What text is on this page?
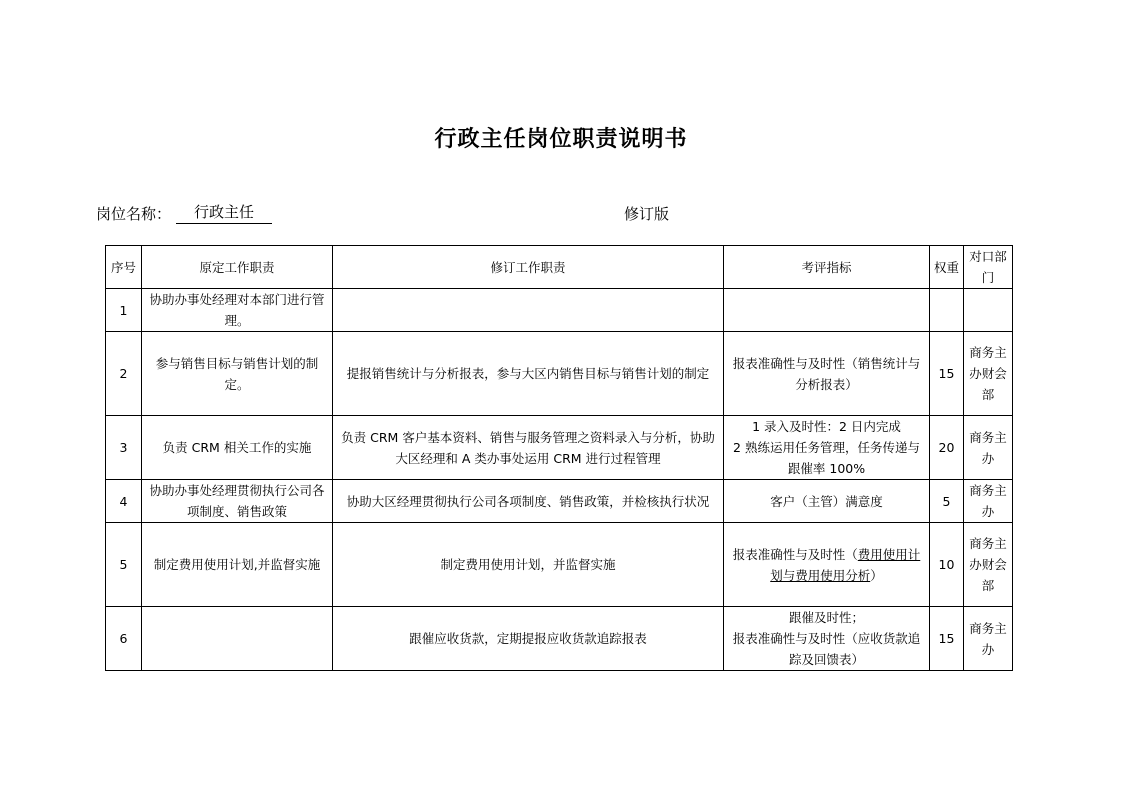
行政主任岗位职责说明书
岗位名称：	行政主任	修订版
序号	原定工作职责	修订工作职责	考评指标	权重	对口部门
1	协助办事处经理对本部门进行管理。				
2	参与销售目标与销售计划的制定。	提报销售统计与分析报表，参与大区内销售目标与销售计划的制定	报表准确性与及时性（销售统计与分析报表）	15	商务主办财会部
3	负责 CRM 相关工作的实施	负责 CRM 客户基本资料、销售与服务管理之资料录入与分析，协助大区经理和 A 类办事处运用 CRM 进行过程管理	1 录入及时性：2 日内完成
2 熟练运用任务管理，任务传递与跟催率 100%	20	商务主办
4	协助办事处经理贯彻执行公司各项制度、销售政策	协助大区经理贯彻执行公司各项制度、销售政策，并检核执行状况	客户（主管）满意度	5	商务主办
5	制定费用使用计划,并监督实施	制定费用使用计划，并监督实施	报表准确性与及时性（费用使用计划与费用使用分析）	10	商务主办财会部
6		跟催应收货款，定期提报应收货款追踪报表	跟催及时性；
报表准确性与及时性（应收货款追踪及回馈表）	15	商务主办
